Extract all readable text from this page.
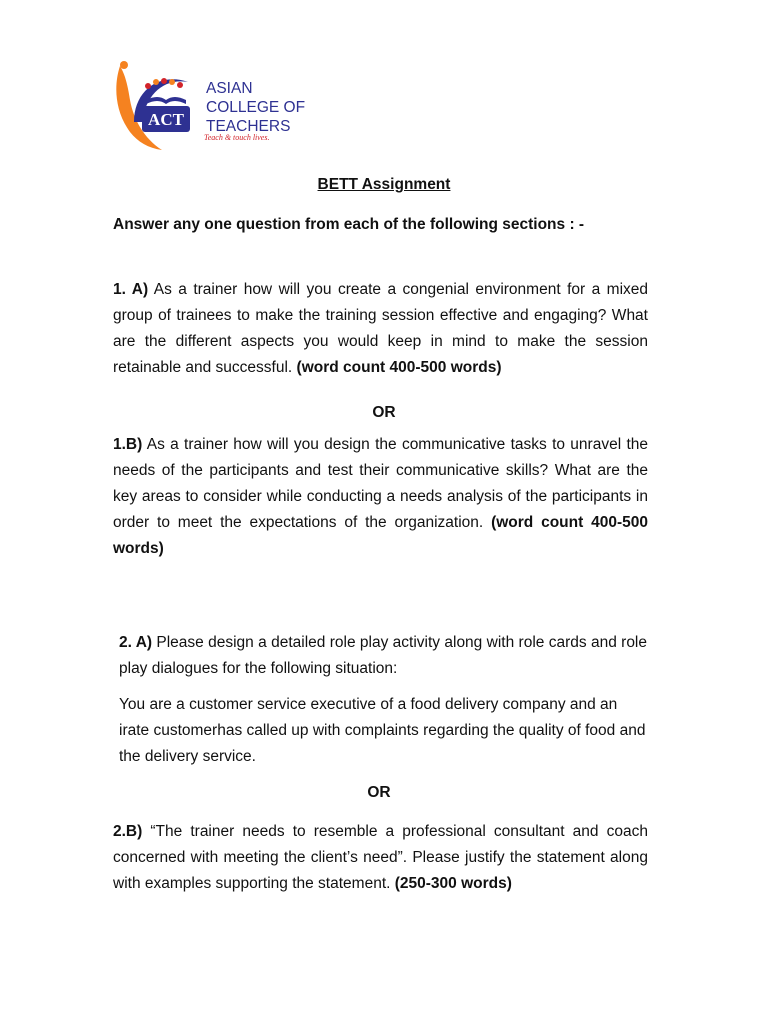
ACT
ASIAN
COLLEGE OF
TEACHERS
Teach & touch lives.
BETT Assignment
Answer any one question from each of the following sections : -
1. A) As a trainer how will you create a congenial environment for a mixed group of trainees to make the training session effective and engaging? What are the different aspects you would keep in mind to make the session retainable and successful. (word count 400-500 words)
OR
1.B) As a trainer how will you design the communicative tasks to unravel the needs of the participants and test their communicative skills? What are the key areas to consider while conducting a needs analysis of the participants in order to meet the expectations of the organization. (word count 400-500 words)
2. A) Please design a detailed role play activity along with role cards and role play dialogues for the following situation:
You are a customer service executive of a food delivery company and an irate customerhas called up with complaints regarding the quality of food and the delivery service.
OR
2.B) “The trainer needs to resemble a professional consultant and coach concerned with meeting the client’s need”. Please justify the statement along with examples supporting the statement. (250-300 words)
